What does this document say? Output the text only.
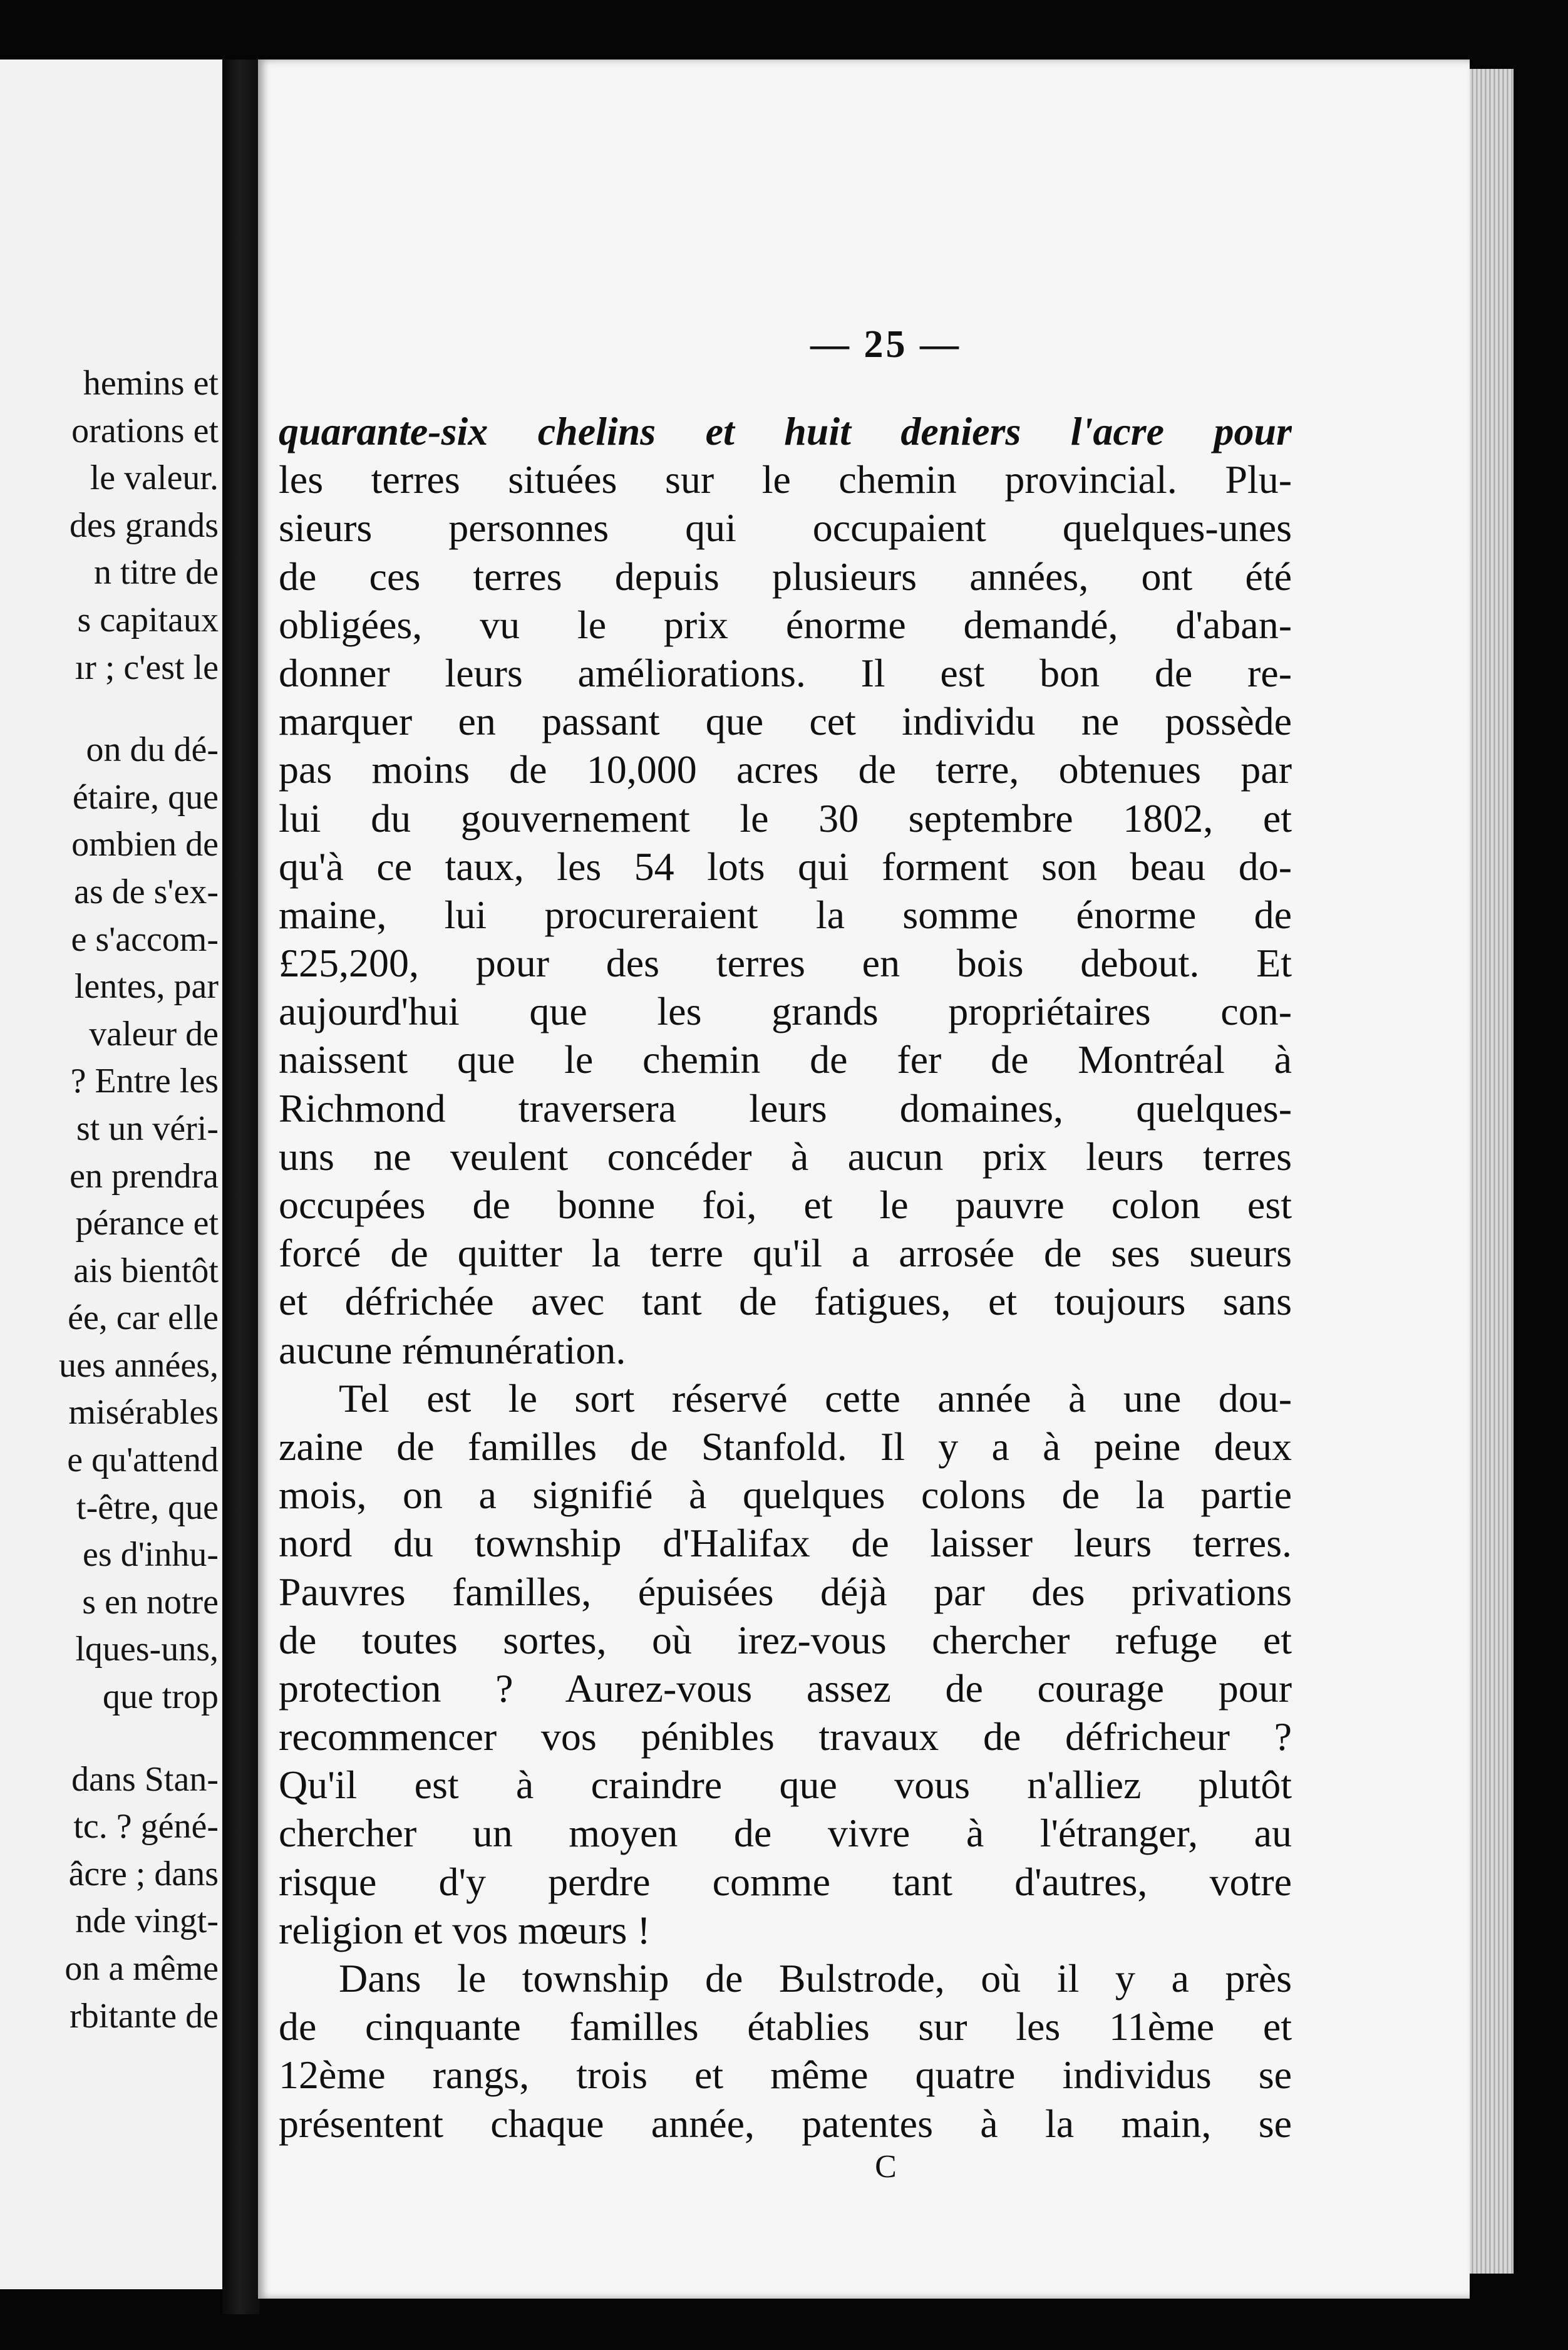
hemins et
orations et
le valeur.
des grands
n titre de
s capitaux
ır ; c'est le
on du dé-
étaire, que
ombien de
as de s'ex-
e s'accom-
lentes, par
valeur de
? Entre les
st un véri-
en prendra
pérance et
ais bientôt
ée, car elle
ues années,
misérables
e qu'attend
t-être, que
es d'inhu-
s en notre
lques-uns,
que trop
dans Stan-
tc. ? géné-
âcre ; dans
nde vingt-
on a même
rbitante de
— 25 —
quarante-six chelins et huit deniers l'acre pour
les terres situées sur le chemin provincial. Plu-
sieurs personnes qui occupaient quelques-unes
de ces terres depuis plusieurs années, ont été
obligées, vu le prix énorme demandé, d'aban-
donner leurs améliorations. Il est bon de re-
marquer en passant que cet individu ne possède
pas moins de 10,000 acres de terre, obtenues par
lui du gouvernement le 30 septembre 1802, et
qu'à ce taux, les 54 lots qui forment son beau do-
maine, lui procureraient la somme énorme de
£25,200, pour des terres en bois debout. Et
aujourd'hui que les grands propriétaires con-
naissent que le chemin de fer de Montréal à
Richmond traversera leurs domaines, quelques-
uns ne veulent concéder à aucun prix leurs terres
occupées de bonne foi, et le pauvre colon est
forcé de quitter la terre qu'il a arrosée de ses sueurs
et défrichée avec tant de fatigues, et toujours sans
aucune rémunération.
Tel est le sort réservé cette année à une dou-
zaine de familles de Stanfold. Il y a à peine deux
mois, on a signifié à quelques colons de la partie
nord du township d'Halifax de laisser leurs terres.
Pauvres familles, épuisées déjà par des privations
de toutes sortes, où irez-vous chercher refuge et
protection ? Aurez-vous assez de courage pour
recommencer vos pénibles travaux de défricheur ?
Qu'il est à craindre que vous n'alliez plutôt
chercher un moyen de vivre à l'étranger, au
risque d'y perdre comme tant d'autres, votre
religion et vos mœurs !
Dans le township de Bulstrode, où il y a près
de cinquante familles établies sur les 11ème et
12ème rangs, trois et même quatre individus se
présentent chaque année, patentes à la main, se
C
